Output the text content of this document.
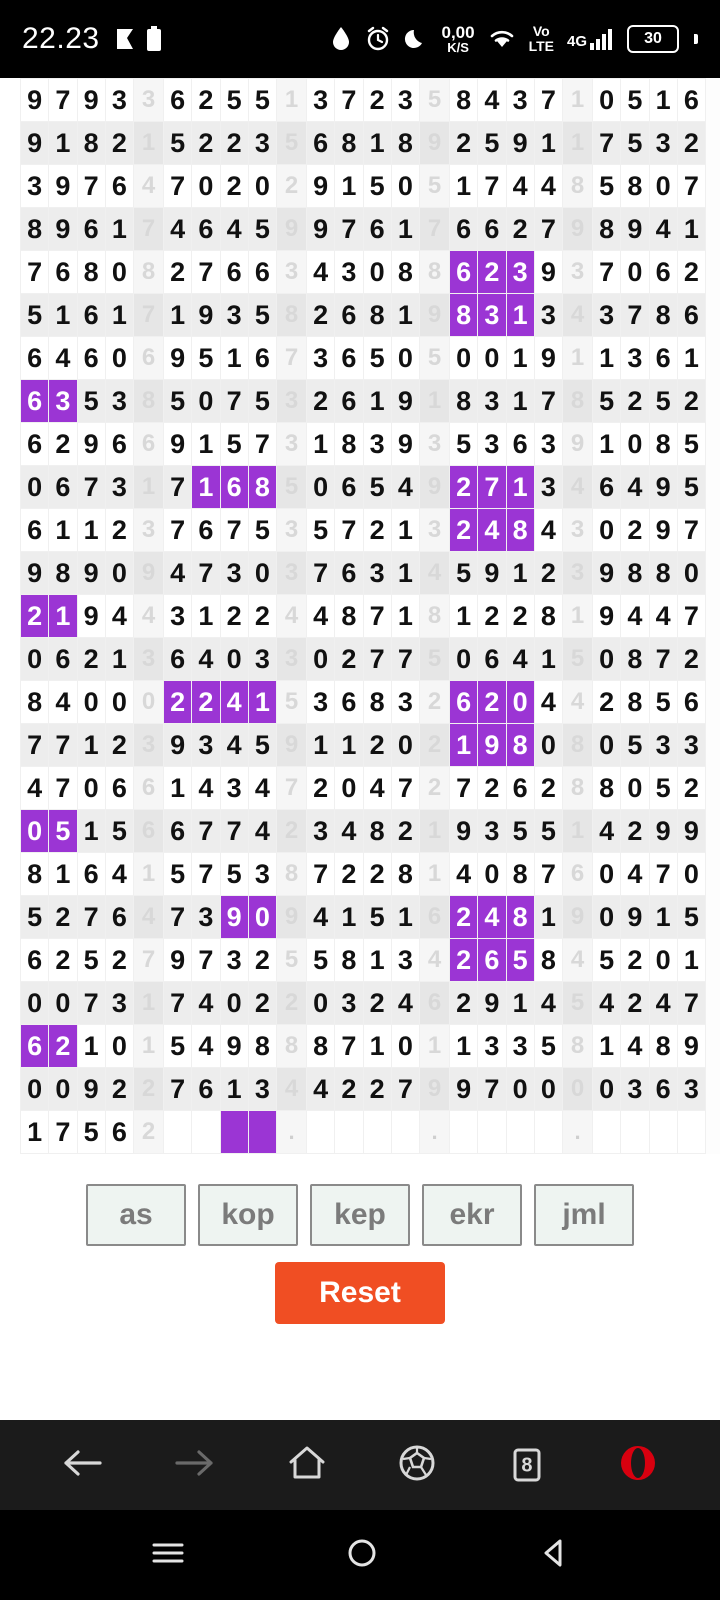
22.23	0,00
K/S
Vo
LTE 4G	30
9	7	9	3	3	6	2	5	5	1	3	7	2	3	5	8	4	3	7	1	0	5	1	6
9	1	8	2	1	5	2	2	3	5	6	8	1	8	9	2	5	9	1	1	7	5	3	2
3	9	7	6	4	7	0	2	0	2	9	1	5	0	5	1	7	4	4	8	5	8	0	7
8	9	6	1	7	4	6	4	5	9	9	7	6	1	7	6	6	2	7	9	8	9	4	1
7	6	8	0	8	2	7	6	6	3	4	3	0	8	8	6	2	3	9	3	7	0	6	2
5	1	6	1	7	1	9	3	5	8	2	6	8	1	9	8	3	1	3	4	3	7	8	6
6	4	6	0	6	9	5	1	6	7	3	6	5	0	5	0	0	1	9	1	1	3	6	1
6	3	5	3	8	5	0	7	5	3	2	6	1	9	1	8	3	1	7	8	5	2	5	2
6	2	9	6	6	9	1	5	7	3	1	8	3	9	3	5	3	6	3	9	1	0	8	5
0	6	7	3	1	7	1	6	8	5	0	6	5	4	9	2	7	1	3	4	6	4	9	5
6	1	1	2	3	7	6	7	5	3	5	7	2	1	3	2	4	8	4	3	0	2	9	7
9	8	9	0	9	4	7	3	0	3	7	6	3	1	4	5	9	1	2	3	9	8	8	0
2	1	9	4	4	3	1	2	2	4	4	8	7	1	8	1	2	2	8	1	9	4	4	7
0	6	2	1	3	6	4	0	3	3	0	2	7	7	5	0	6	4	1	5	0	8	7	2
8	4	0	0	0	2	2	4	1	5	3	6	8	3	2	6	2	0	4	4	2	8	5	6
7	7	1	2	3	9	3	4	5	9	1	1	2	0	2	1	9	8	0	8	0	5	3	3
4	7	0	6	6	1	4	3	4	7	2	0	4	7	2	7	2	6	2	8	8	0	5	2
0	5	1	5	6	6	7	7	4	2	3	4	8	2	1	9	3	5	5	1	4	2	9	9
8	1	6	4	1	5	7	5	3	8	7	2	2	8	1	4	0	8	7	6	0	4	7	0
5	2	7	6	4	7	3	9	0	9	4	1	5	1	6	2	4	8	1	9	0	9	1	5
6	2	5	2	7	9	7	3	2	5	5	8	1	3	4	2	6	5	8	4	5	2	0	1
0	0	7	3	1	7	4	0	2	2	0	3	2	4	6	2	9	1	4	5	4	2	4	7
6	2	1	0	1	5	4	9	8	8	8	7	1	0	1	1	3	3	5	8	1	4	8	9
0	0	9	2	2	7	6	1	3	4	4	2	2	7	9	9	7	0	0	0	0	3	6	3
1	7	5	6	2					.					.					.				
as	kop	kep	ekr	jml
Reset
8
